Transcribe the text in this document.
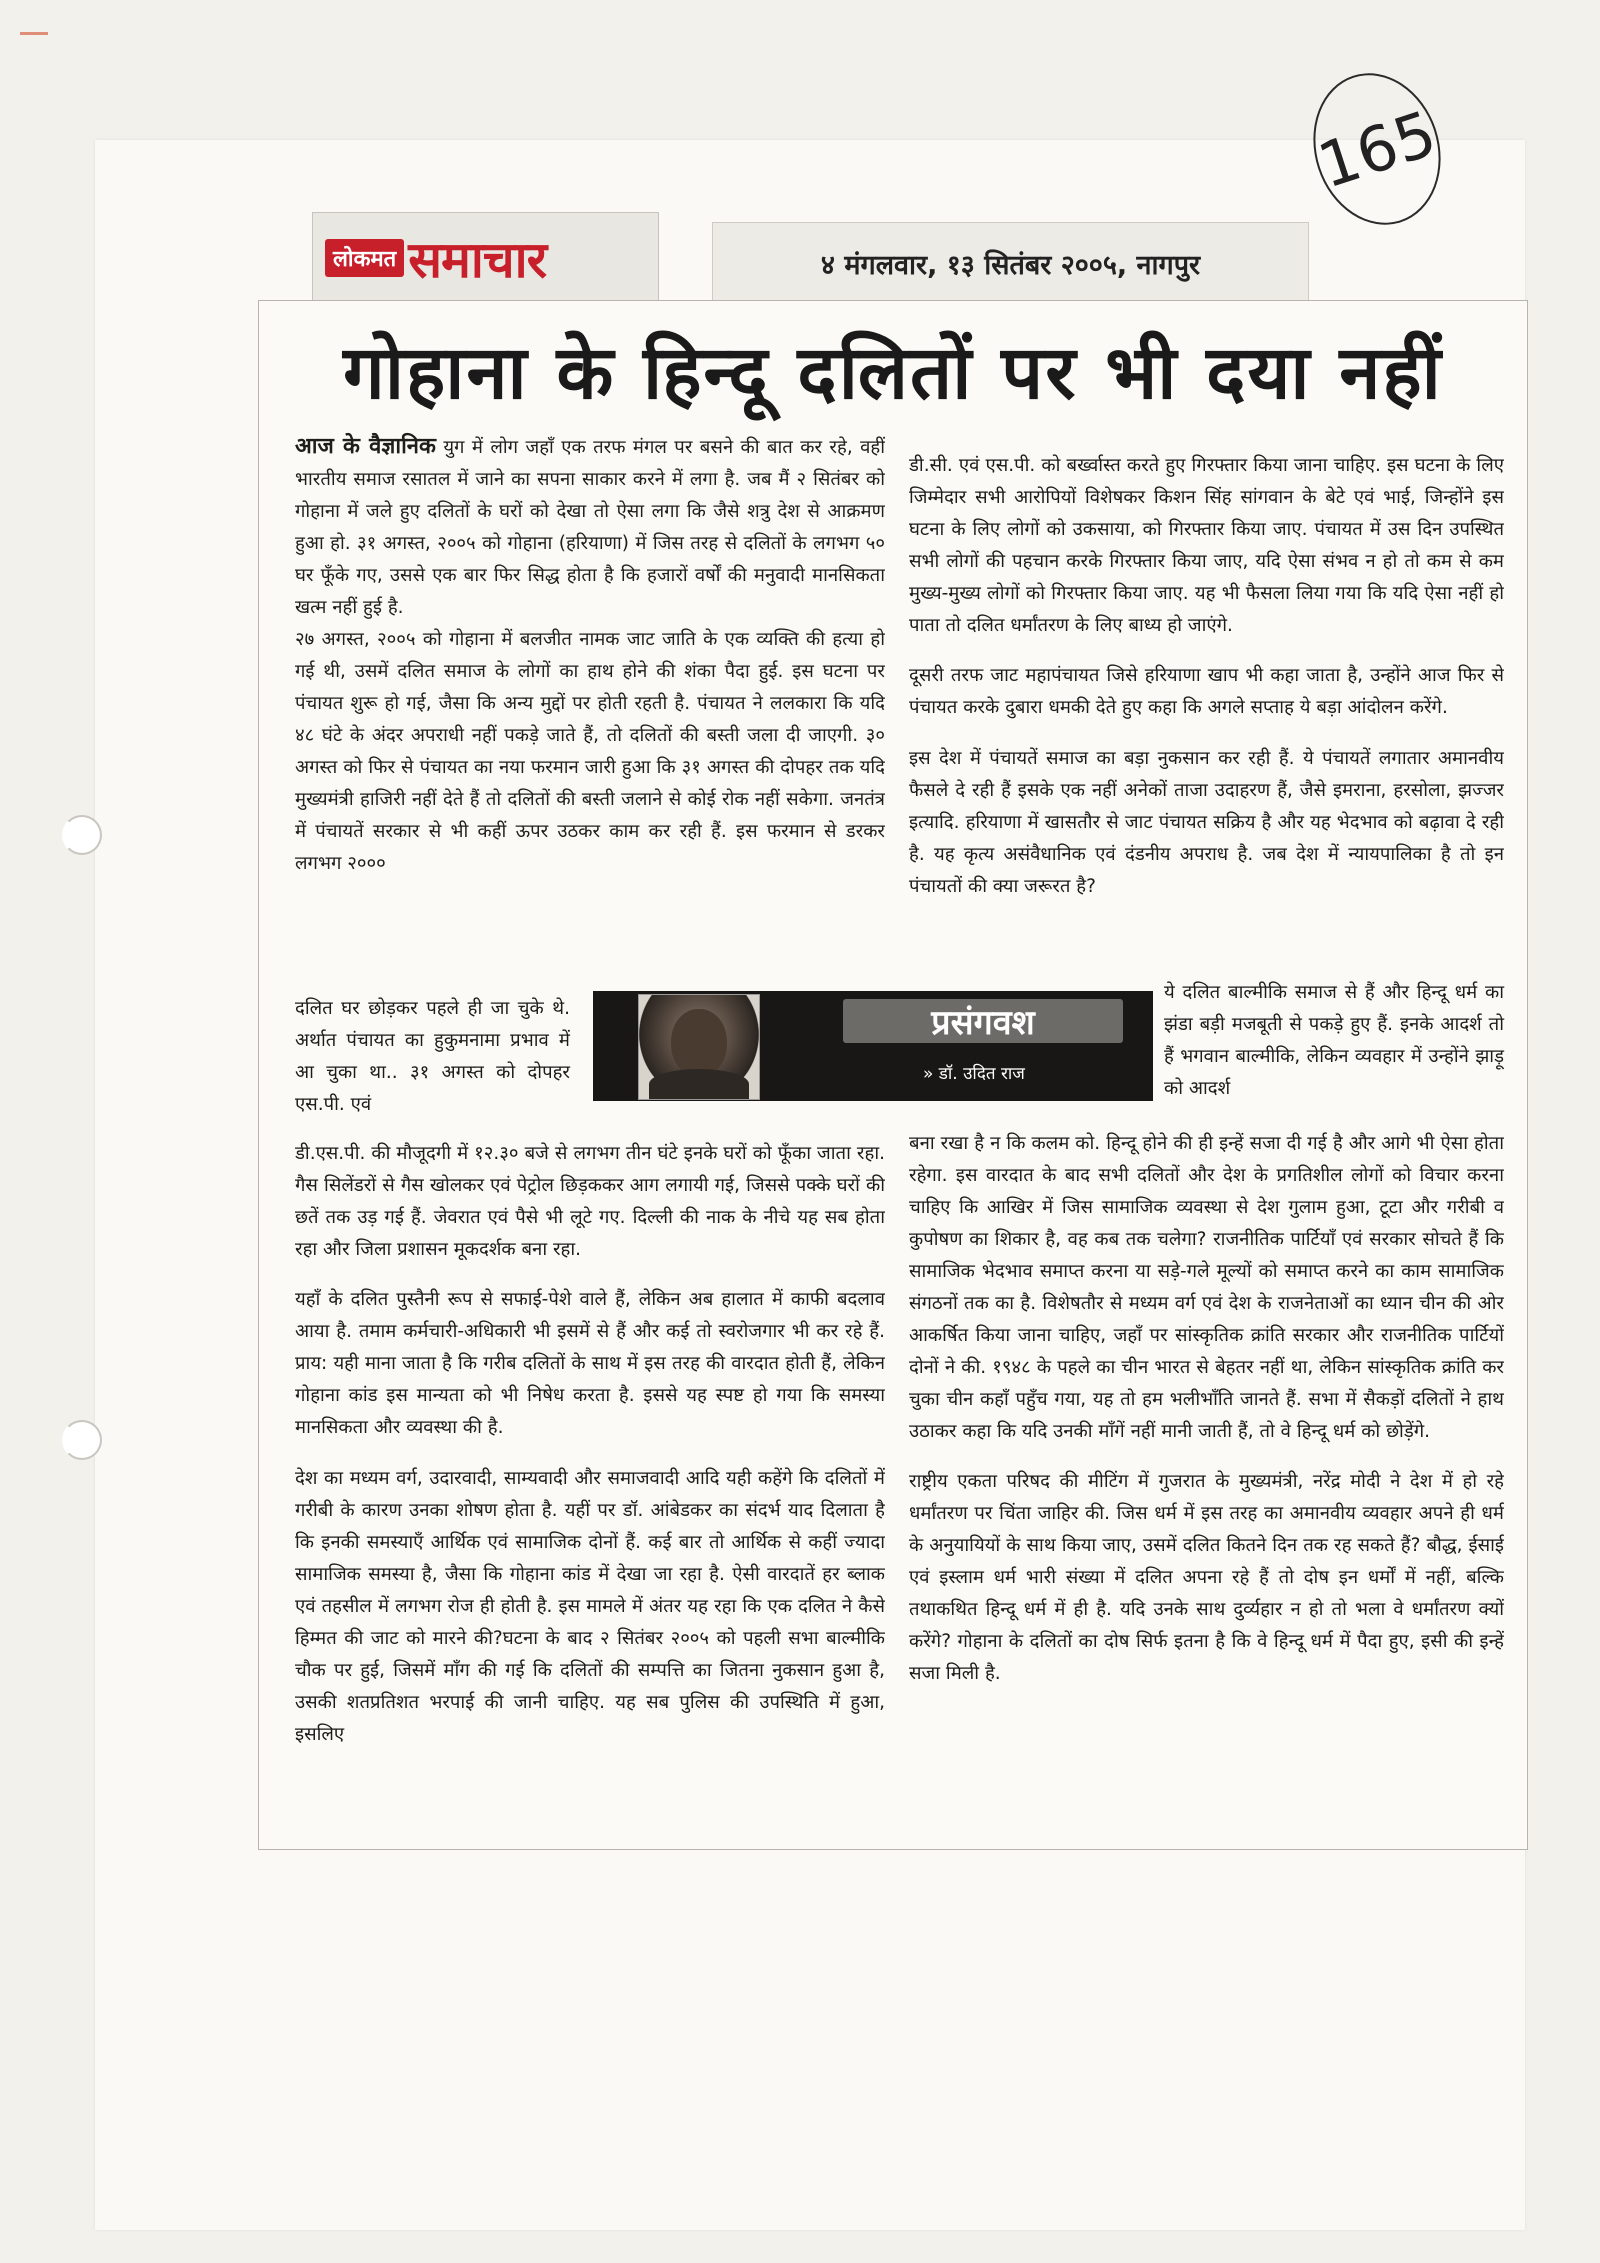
165
लोकमत समाचार	४ मंगलवार, १३ सितंबर २००५, नागपुर
गोहाना के हिन्दू दलितों पर भी दया नहीं

आज के वैज्ञानिक युग में लोग जहाँ एक तरफ मंगल पर बसने की बात कर रहे, वहीं भारतीय समाज रसातल में जाने का सपना साकार करने में लगा है. जब मैं २ सितंबर को गोहाना में जले हुए दलितों के घरों को देखा तो ऐसा लगा कि जैसे शत्रु देश से आक्रमण हुआ हो. ३१ अगस्त, २००५ को गोहाना (हरियाणा) में जिस तरह से दलितों के लगभग ५० घर फूँके गए, उससे एक बार फिर सिद्ध होता है कि हजारों वर्षों की मनुवादी मानसिकता खत्म नहीं हुई है.

२७ अगस्त, २००५ को गोहाना में बलजीत नामक जाट जाति के एक व्यक्ति की हत्या हो गई थी, उसमें दलित समाज के लोगों का हाथ होने की शंका पैदा हुई. इस घटना पर पंचायत शुरू हो गई, जैसा कि अन्य मुद्दों पर होती रहती है. पंचायत ने ललकारा कि यदि ४८ घंटे के अंदर अपराधी नहीं पकड़े जाते हैं, तो दलितों की बस्ती जला दी जाएगी. ३० अगस्त को फिर से पंचायत का नया फरमान जारी हुआ कि ३१ अगस्त की दोपहर तक यदि मुख्यमंत्री हाजिरी नहीं देते हैं तो दलितों की बस्ती जलाने से कोई रोक नहीं सकेगा. जनतंत्र में पंचायतें सरकार से भी कहीं ऊपर उठकर काम कर रही हैं. इस फरमान से डरकर लगभग २०००

दलित घर छोड़कर पहले ही जा चुके थे. अर्थात पंचायत का हुकुमनामा प्रभाव में आ चुका था.. ३१ अगस्त को दोपहर एस.पी. एवं

डी.एस.पी. की मौजूदगी में १२.३० बजे से लगभग तीन घंटे इनके घरों को फूँका जाता रहा. गैस सिलेंडरों से गैस खोलकर एवं पेट्रोल छिड़ककर आग लगायी गई, जिससे पक्के घरों की छतें तक उड़ गई हैं. जेवरात एवं पैसे भी लूटे गए. दिल्ली की नाक के नीचे यह सब होता रहा और जिला प्रशासन मूकदर्शक बना रहा.

यहाँ के दलित पुस्तैनी रूप से सफाई-पेशे वाले हैं, लेकिन अब हालात में काफी बदलाव आया है. तमाम कर्मचारी-अधिकारी भी इसमें से हैं और कई तो स्वरोजगार भी कर रहे हैं. प्राय: यही माना जाता है कि गरीब दलितों के साथ में इस तरह की वारदात होती हैं, लेकिन गोहाना कांड इस मान्यता को भी निषेध करता है. इससे यह स्पष्ट हो गया कि समस्या मानसिकता और व्यवस्था की है.

देश का मध्यम वर्ग, उदारवादी, साम्यवादी और समाजवादी आदि यही कहेंगे कि दलितों में गरीबी के कारण उनका शोषण होता है. यहीं पर डॉ. आंबेडकर का संदर्भ याद दिलाता है कि इनकी समस्याएँ आर्थिक एवं सामाजिक दोनों हैं. कई बार तो आर्थिक से कहीं ज्यादा सामाजिक समस्या है, जैसा कि गोहाना कांड में देखा जा रहा है. ऐसी वारदातें हर ब्लाक एवं तहसील में लगभग रोज ही होती है. इस मामले में अंतर यह रहा कि एक दलित ने कैसे हिम्मत की जाट को मारने की?घटना के बाद २ सितंबर २००५ को पहली सभा बाल्मीकि चौक पर हुई, जिसमें माँग की गई कि दलितों की सम्पत्ति का जितना नुकसान हुआ है, उसकी शतप्रतिशत भरपाई की जानी चाहिए. यह सब पुलिस की उपस्थिति में हुआ, इसलिए

डी.सी. एवं एस.पी. को बर्ख्वास्त करते हुए गिरफ्तार किया जाना चाहिए. इस घटना के लिए जिम्मेदार सभी आरोपियों विशेषकर किशन सिंह सांगवान के बेटे एवं भाई, जिन्होंने इस घटना के लिए लोगों को उकसाया, को गिरफ्तार किया जाए. पंचायत में उस दिन उपस्थित सभी लोगों की पहचान करके गिरफ्तार किया जाए, यदि ऐसा संभव न हो तो कम से कम मुख्य-मुख्य लोगों को गिरफ्तार किया जाए. यह भी फैसला लिया गया कि यदि ऐसा नहीं हो पाता तो दलित धर्मांतरण के लिए बाध्य हो जाएंगे.

दूसरी तरफ जाट महापंचायत जिसे हरियाणा खाप भी कहा जाता है, उन्होंने आज फिर से पंचायत करके दुबारा धमकी देते हुए कहा कि अगले सप्ताह ये बड़ा आंदोलन करेंगे.

इस देश में पंचायतें समाज का बड़ा नुकसान कर रही हैं. ये पंचायतें लगातार अमानवीय फैसले दे रही हैं इसके एक नहीं अनेकों ताजा उदाहरण हैं, जैसे इमराना, हरसोला, झज्जर इत्यादि. हरियाणा में खासतौर से जाट पंचायत सक्रिय है और यह भेदभाव को बढ़ावा दे रही है. यह कृत्य असंवैधानिक एवं दंडनीय अपराध है. जब देश में न्यायपालिका है तो इन पंचायतों की क्या जरूरत है?

प्रसंगवश
» डॉ. उदित राज
ये दलित बाल्मीकि समाज से हैं और हिन्दू धर्म का झंडा बड़ी मजबूती से पकड़े हुए हैं. इनके आदर्श तो हैं भगवान बाल्मीकि, लेकिन व्यवहार में उन्होंने झाड़ू को आदर्श

बना रखा है न कि कलम को. हिन्दू होने की ही इन्हें सजा दी गई है और आगे भी ऐसा होता रहेगा. इस वारदात के बाद सभी दलितों और देश के प्रगतिशील लोगों को विचार करना चाहिए कि आखिर में जिस सामाजिक व्यवस्था से देश गुलाम हुआ, टूटा और गरीबी व कुपोषण का शिकार है, वह कब तक चलेगा? राजनीतिक पार्टियाँ एवं सरकार सोचते हैं कि सामाजिक भेदभाव समाप्त करना या सड़े-गले मूल्यों को समाप्त करने का काम सामाजिक संगठनों तक का है. विशेषतौर से मध्यम वर्ग एवं देश के राजनेताओं का ध्यान चीन की ओर आकर्षित किया जाना चाहिए, जहाँ पर सांस्कृतिक क्रांति सरकार और राजनीतिक पार्टियों दोनों ने की. १९४८ के पहले का चीन भारत से बेहतर नहीं था, लेकिन सांस्कृतिक क्रांति कर चुका चीन कहाँ पहुँच गया, यह तो हम भलीभाँति जानते हैं. सभा में सैकड़ों दलितों ने हाथ उठाकर कहा कि यदि उनकी माँगें नहीं मानी जाती हैं, तो वे हिन्दू धर्म को छोड़ेंगे.

राष्ट्रीय एकता परिषद की मीटिंग में गुजरात के मुख्यमंत्री, नरेंद्र मोदी ने देश में हो रहे धर्मांतरण पर चिंता जाहिर की. जिस धर्म में इस तरह का अमानवीय व्यवहार अपने ही धर्म के अनुयायियों के साथ किया जाए, उसमें दलित कितने दिन तक रह सकते हैं? बौद्ध, ईसाई एवं इस्लाम धर्म भारी संख्या में दलित अपना रहे हैं तो दोष इन धर्मों में नहीं, बल्कि तथाकथित हिन्दू धर्म में ही है. यदि उनके साथ दुर्व्यहार न हो तो भला वे धर्मांतरण क्यों करेंगे? गोहाना के दलितों का दोष सिर्फ इतना है कि वे हिन्दू धर्म में पैदा हुए, इसी की इन्हें सजा मिली है.
